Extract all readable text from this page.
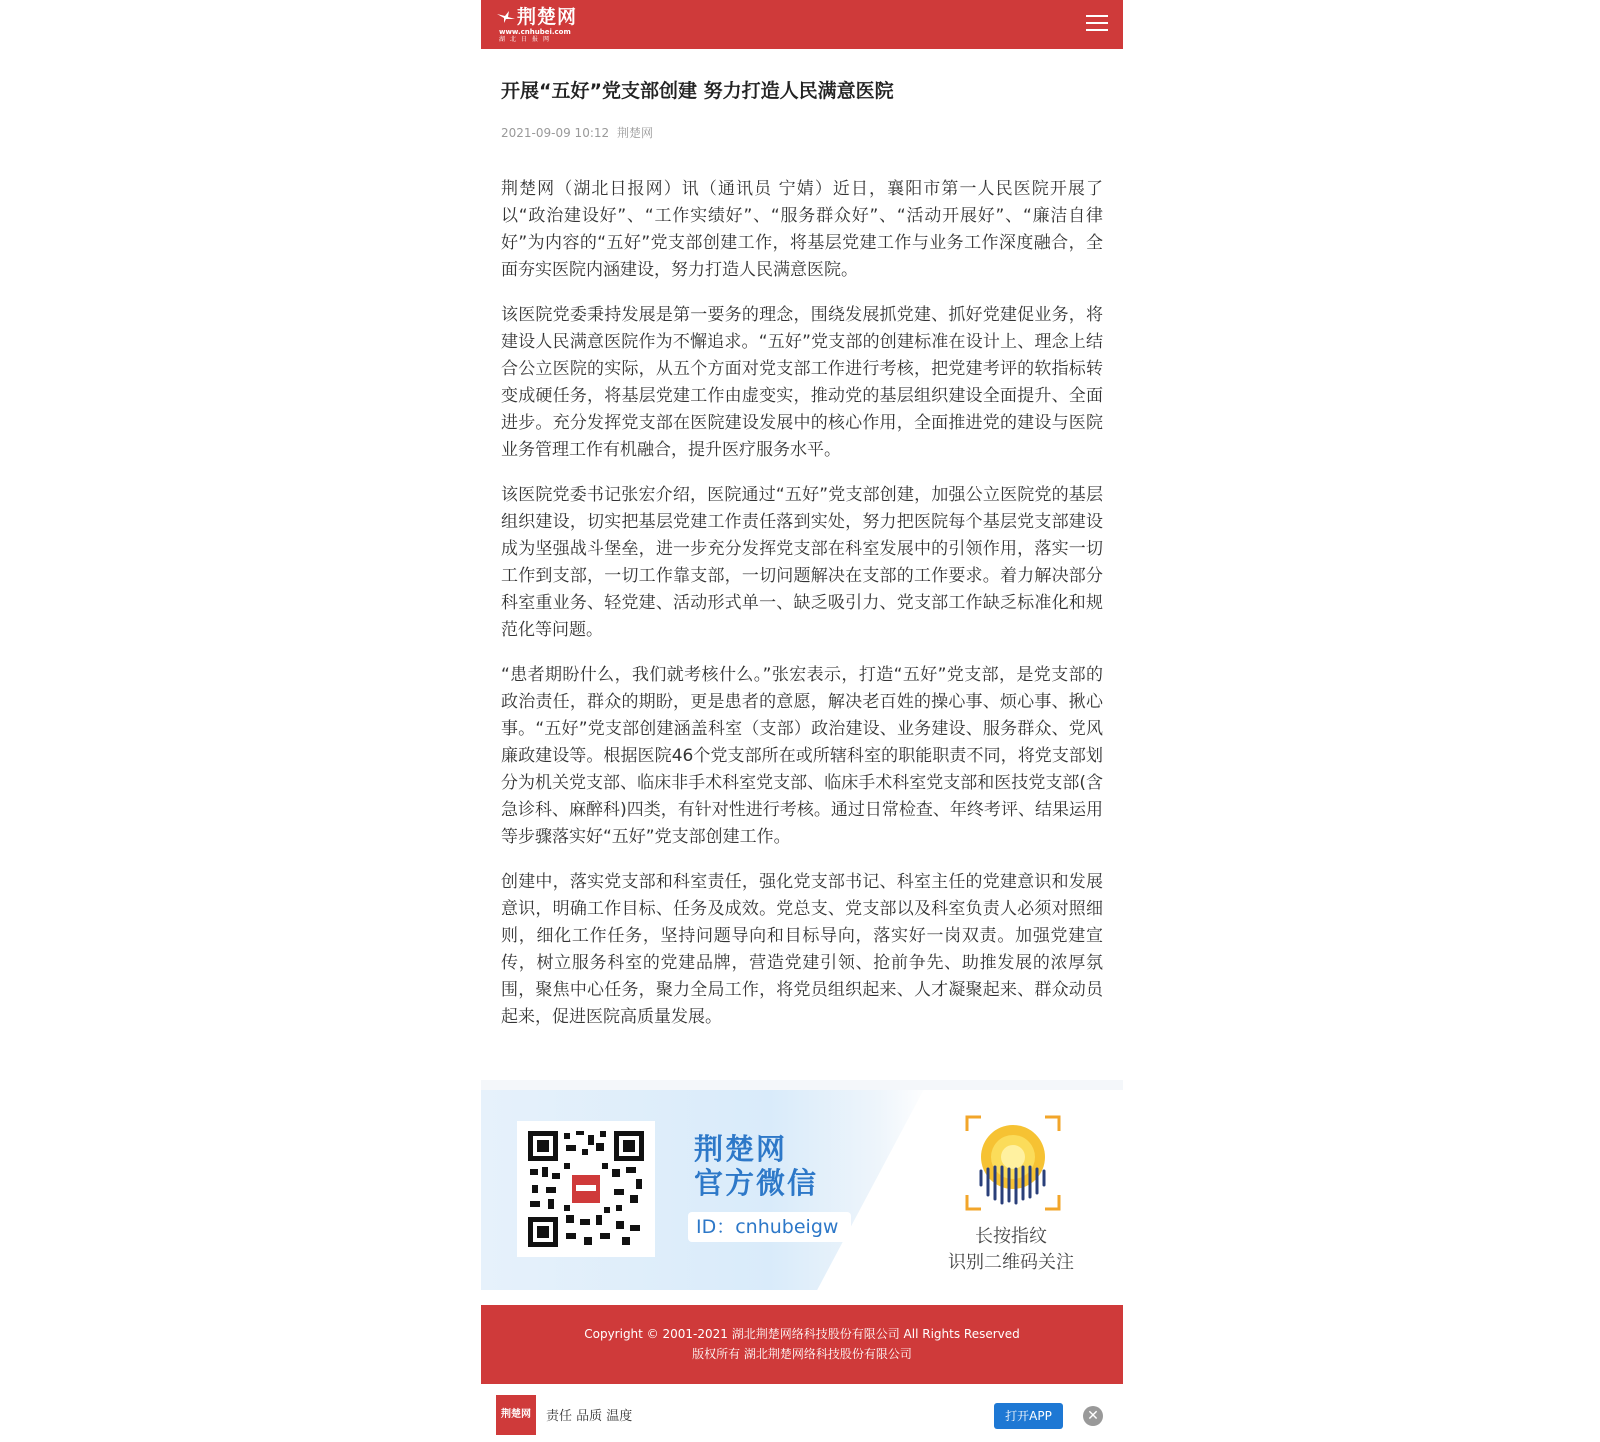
荆楚网
www.cnhubei.com
湖北日报网
开展“五好”党支部创建 努力打造人民满意医院
2021-09-09 10:12 荆楚网

荆楚网（湖北日报网）讯（通讯员 宁婧）近日，襄阳市第一人民医院开展了以“政治建设好”、“工作实绩好”、“服务群众好”、“活动开展好”、“廉洁自律好”为内容的“五好”党支部创建工作，将基层党建工作与业务工作深度融合，全面夯实医院内涵建设，努力打造人民满意医院。

该医院党委秉持发展是第一要务的理念，围绕发展抓党建、抓好党建促业务，将建设人民满意医院作为不懈追求。“五好”党支部的创建标准在设计上、理念上结合公立医院的实际，从五个方面对党支部工作进行考核，把党建考评的软指标转变成硬任务，将基层党建工作由虚变实，推动党的基层组织建设全面提升、全面进步。充分发挥党支部在医院建设发展中的核心作用，全面推进党的建设与医院业务管理工作有机融合，提升医疗服务水平。

该医院党委书记张宏介绍，医院通过“五好”党支部创建，加强公立医院党的基层组织建设，切实把基层党建工作责任落到实处，努力把医院每个基层党支部建设成为坚强战斗堡垒，进一步充分发挥党支部在科室发展中的引领作用，落实一切工作到支部，一切工作靠支部，一切问题解决在支部的工作要求。着力解决部分科室重业务、轻党建、活动形式单一、缺乏吸引力、党支部工作缺乏标准化和规范化等问题。

“患者期盼什么，我们就考核什么。”张宏表示，打造“五好”党支部，是党支部的政治责任，群众的期盼，更是患者的意愿，解决老百姓的操心事、烦心事、揪心事。“五好”党支部创建涵盖科室（支部）政治建设、业务建设、服务群众、党风廉政建设等。根据医院46个党支部所在或所辖科室的职能职责不同，将党支部划分为机关党支部、临床非手术科室党支部、临床手术科室党支部和医技党支部(含急诊科、麻醉科)四类，有针对性进行考核。通过日常检查、年终考评、结果运用等步骤落实好“五好”党支部创建工作。

创建中，落实党支部和科室责任，强化党支部书记、科室主任的党建意识和发展意识，明确工作目标、任务及成效。党总支、党支部以及科室负责人必须对照细则，细化工作任务，坚持问题导向和目标导向，落实好一岗双责。加强党建宣传，树立服务科室的党建品牌，营造党建引领、抢前争先、助推发展的浓厚氛围，聚焦中心任务，聚力全局工作，将党员组织起来、人才凝聚起来、群众动员起来，促进医院高质量发展。

荆楚网
官方微信
ID：cnhubeigw	长按指纹
识别二维码关注
Copyright © 2001-2021 湖北荆楚网络科技股份有限公司 All Rights Reserved
版权所有 湖北荆楚网络科技股份有限公司
荆楚网	责任 品质 温度	打开APP	✕
